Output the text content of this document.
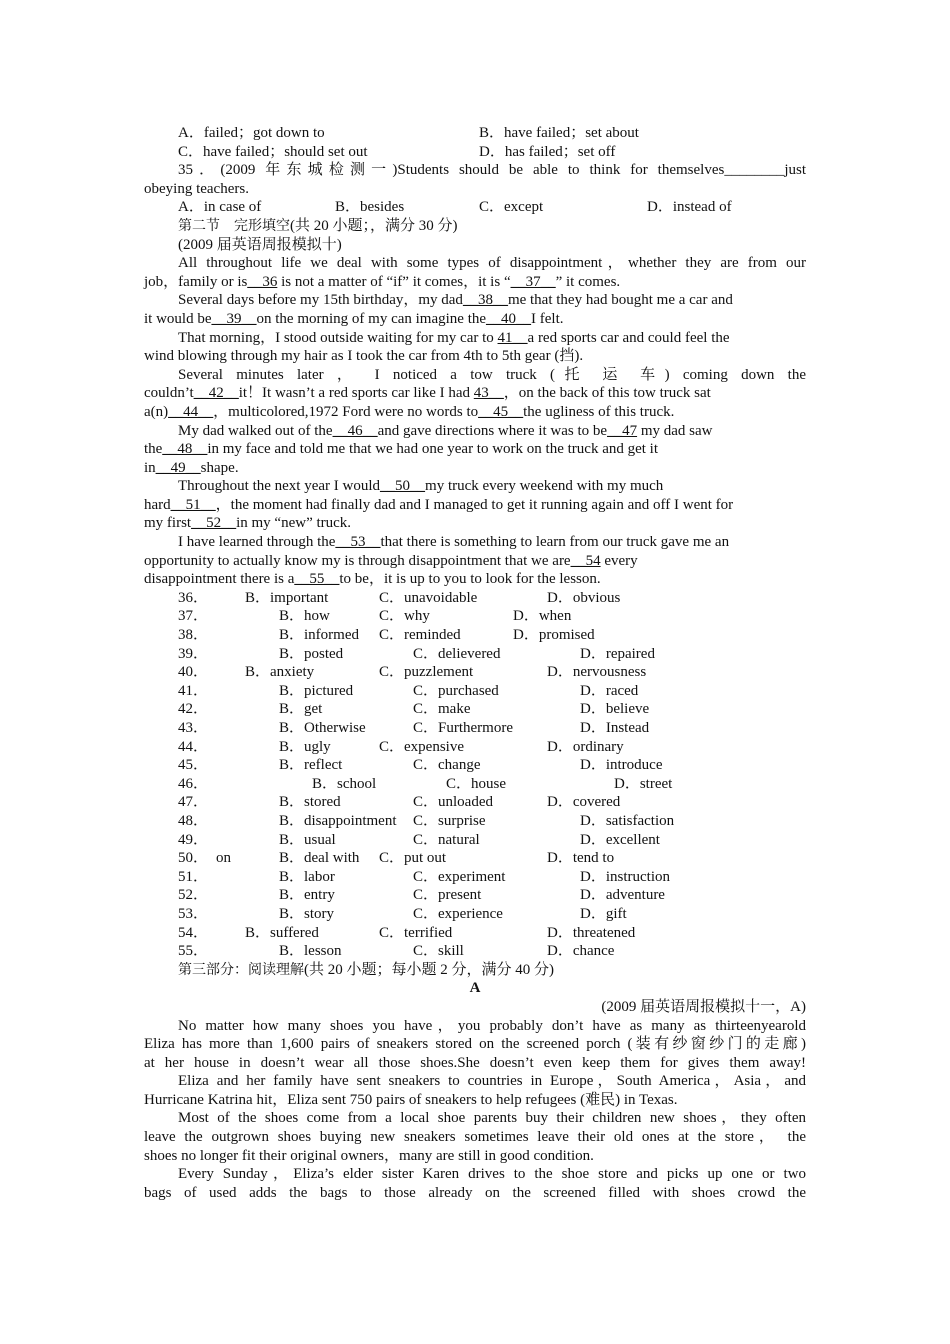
A．failed；got down to	B．have failed；set about
C．have failed；should set out	D．has failed；set off
35．(2009 年东城检测一)Students should be able to think for themselves________just
obeying teachers.
A．in case of	B．besides	C．except	D．instead of
第二节　完形填空(共 20 小题；，满分 30 分)
(2009 届英语周报模拟十)
All throughout life we deal with some types of disappointment，whether they are from our
job，family or is__36 is not a matter of “if” it comes，it is “__37__” it comes.
Several days before my 15th birthday，my dad__38__me that they had bought me a car and
it would be__39__on the morning of my can imagine the__40__I felt.
That morning，I stood outside waiting for my car to 41__a red sports car and could feel the
wind blowing through my hair as I took the car from 4th to 5th gear (挡).
Several minutes later ， I noticed a tow truck (托 运 车) coming down the
couldn’t__42__it！It wasn’t a red sports car like I had 43__，on the back of this tow truck sat
a(n)__44__，multicolored,1972 Ford were no words to__45__the ugliness of this truck.
My dad walked out of the__46__and gave directions where it was to be__47 my dad saw
the__48__in my face and told me that we had one year to work on the truck and get it
in__49__shape.
Throughout the next year I would__50__my truck every weekend with my much
hard__51__，the moment had finally dad and I managed to get it running again and off I went for
my first__52__in my “new” truck.
I have learned through the__53__that there is something to learn from our truck gave me an
opportunity to actually know my is through disappointment that we are__54 every
disappointment there is a__55__to be，it is up to you to look for the lesson.
36． B．important	C．unavoidable	D．obvious
37．	B．how	C．why	D．when
38．	B．informed C．reminded	D．promised
39．	B．posted	C．delievered	D．repaired
40． B．anxiety	C．puzzlement	D．nervousness
41．	B．pictured	C．purchased	D．raced
42．	B．get	C．make	D．believe
43．	B．Otherwise	C．Furthermore	D．Instead
44．	B．ugly	C．expensive	D．ordinary
45．	B．reflect	C．change	D．introduce
46．	B．school	C．house	D．street
47．	B．stored	C．unloaded	D．covered
48．	B．disappointment C．surprise	D．satisfaction
49．	B．usual	C．natural	D．excellent
50． on	B．deal with C．put out	D．tend to
51．	B．labor	C．experiment	D．instruction
52．	B．entry	C．present	D．adventure
53．	B．story	C．experience	D．gift
54． B．suffered	C．terrified	D．threatened
55．	B．lesson	C．skill	D．chance
第三部分：阅读理解(共 20 小题；每小题 2 分，满分 40 分)
A
(2009 届英语周报模拟十一，A)
No matter how many shoes you have，you probably don’t have as many as thirteenyearold
Eliza has more than 1,600 pairs of sneakers stored on the screened porch (装有纱窗纱门的走廊)
at her house in doesn’t wear all those shoes.She doesn’t even keep them for gives them away!
Eliza and her family have sent sneakers to countries in Europe，South America，Asia，and
Hurricane Katrina hit，Eliza sent 750 pairs of sneakers to help refugees (难民) in Texas.
Most of the shoes come from a local shoe parents buy their children new shoes，they often
leave the outgrown shoes buying new sneakers sometimes leave their old ones at the store， the
shoes no longer fit their original owners，many are still in good condition.
Every Sunday，Eliza’s elder sister Karen drives to the shoe store and picks up one or two
bags of used adds the bags to those already on the screened filled with shoes crowd the
